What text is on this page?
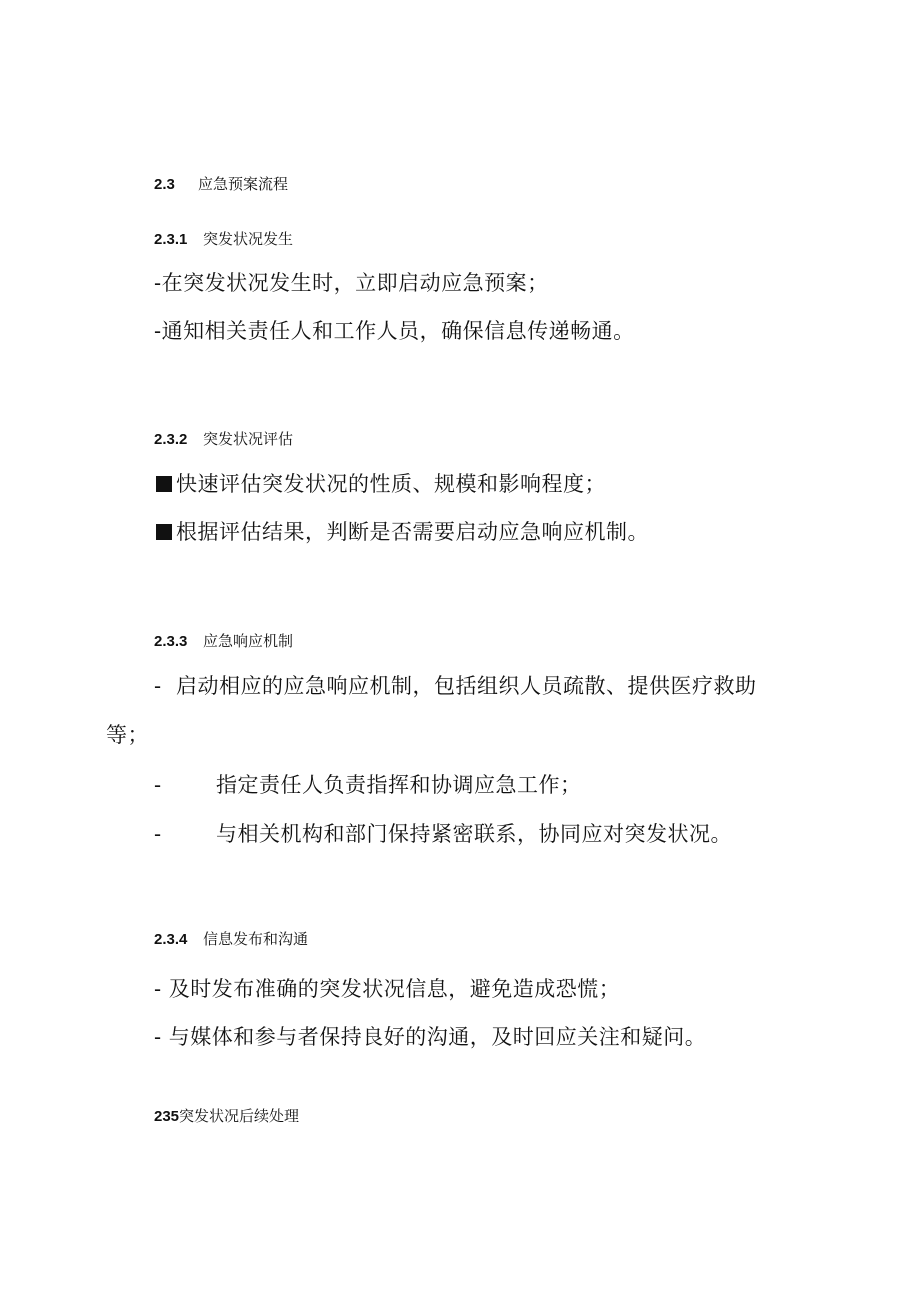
2.3 应急预案流程
2.3.1 突发状况发生
-在突发状况发生时，立即启动应急预案；
-通知相关责任人和工作人员，确保信息传递畅通。
2.3.2 突发状况评估
快速评估突发状况的性质、规模和影响程度；
根据评估结果，判断是否需要启动应急响应机制。
2.3.3 应急响应机制
- 启动相应的应急响应机制，包括组织人员疏散、提供医疗救助
等；
-	指定责任人负责指挥和协调应急工作；
-	与相关机构和部门保持紧密联系，协同应对突发状况。
2.3.4 信息发布和沟通
- 及时发布准确的突发状况信息，避免造成恐慌；
- 与媒体和参与者保持良好的沟通，及时回应关注和疑问。
235突发状况后续处理
